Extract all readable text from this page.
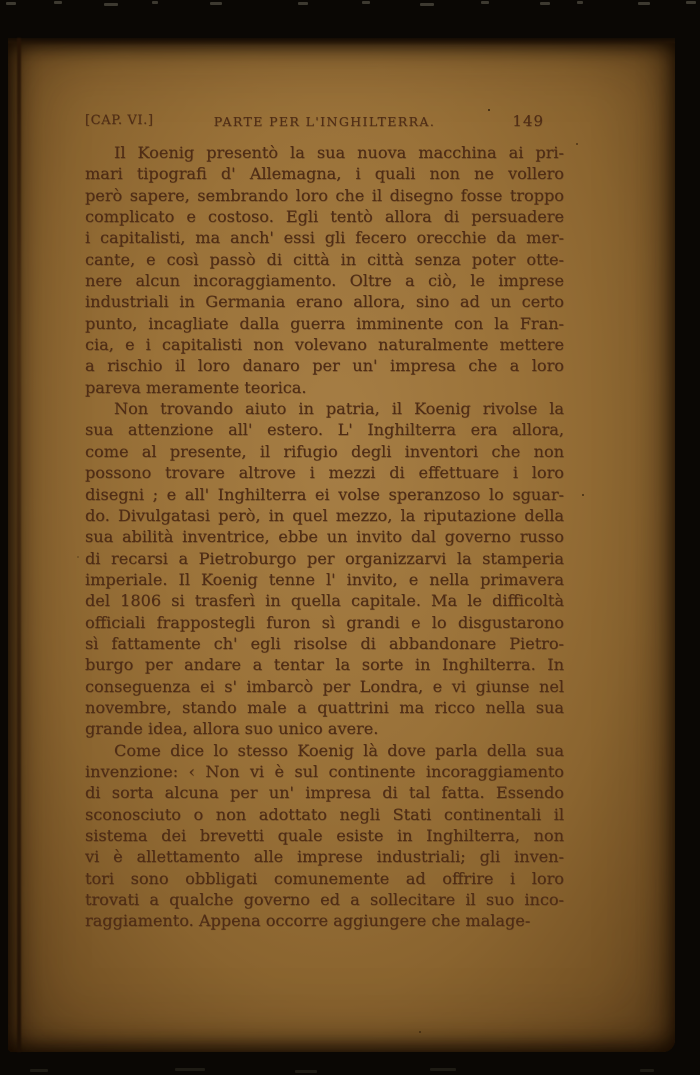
[CAP. VI.]	PARTE PER L'INGHILTERRA.	149
Il Koenig presentò la sua nuova macchina ai pri-
mari tipografi d' Allemagna, i quali non ne vollero
però sapere, sembrando loro che il disegno fosse troppo
complicato e costoso. Egli tentò allora di persuadere
i capitalisti, ma anch' essi gli fecero orecchie da mer-
cante, e così passò di città in città senza poter otte-
nere alcun incoraggiamento. Oltre a ciò, le imprese
industriali in Germania erano allora, sino ad un certo
punto, incagliate dalla guerra imminente con la Fran-
cia, e i capitalisti non volevano naturalmente mettere
a rischio il loro danaro per un' impresa che a loro
pareva meramente teorica.
Non trovando aiuto in patria, il Koenig rivolse la
sua attenzione all' estero. L' Inghilterra era allora,
come al presente, il rifugio degli inventori che non
possono trovare altrove i mezzi di effettuare i loro
disegni ; e all' Inghilterra ei volse speranzoso lo sguar-
do. Divulgatasi però, in quel mezzo, la riputazione della
sua abilità inventrice, ebbe un invito dal governo russo
di recarsi a Pietroburgo per organizzarvi la stamperia
imperiale. Il Koenig tenne l' invito, e nella primavera
del 1806 si trasferì in quella capitale. Ma le difficoltà
officiali frappostegli furon sì grandi e lo disgustarono
sì fattamente ch' egli risolse di abbandonare Pietro-
burgo per andare a tentar la sorte in Inghilterra. In
conseguenza ei s' imbarcò per Londra, e vi giunse nel
novembre, stando male a quattrini ma ricco nella sua
grande idea, allora suo unico avere.
Come dice lo stesso Koenig là dove parla della sua
invenzione: ‹ Non vi è sul continente incoraggiamento
di sorta alcuna per un' impresa di tal fatta. Essendo
sconosciuto o non adottato negli Stati continentali il
sistema dei brevetti quale esiste in Inghilterra, non
vi è allettamento alle imprese industriali; gli inven-
tori sono obbligati comunemente ad offrire i loro
trovati a qualche governo ed a sollecitare il suo inco-
raggiamento. Appena occorre aggiungere che malage-
